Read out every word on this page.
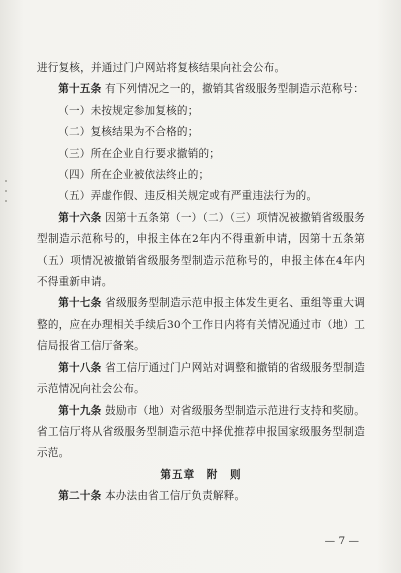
进行复核，并通过门户网站将复核结果向社会公布。

第十五条 有下列情况之一的，撤销其省级服务型制造示范称号：

（一）未按规定参加复核的；

（二）复核结果为不合格的；

（三）所在企业自行要求撤销的；

（四）所在企业被依法终止的；

（五）弄虚作假、违反相关规定或有严重违法行为的。

第十六条 因第十五条第（一）（二）（三）项情况被撤销省级服务型制造示范称号的，申报主体在2年内不得重新申请，因第十五条第（五）项情况被撤销省级服务型制造示范称号的，申报主体在4年内不得重新申请。

第十七条 省级服务型制造示范申报主体发生更名、重组等重大调整的，应在办理相关手续后30个工作日内将有关情况通过市（地）工信局报省工信厅备案。

第十八条 省工信厅通过门户网站对调整和撤销的省级服务型制造示范情况向社会公布。

第十九条 鼓励市（地）对省级服务型制造示范进行支持和奖励。省工信厅将从省级服务型制造示范中择优推荐申报国家级服务型制造示范。

第五章　附　则

第二十条 本办法由省工信厅负责解释。

— 7 —
